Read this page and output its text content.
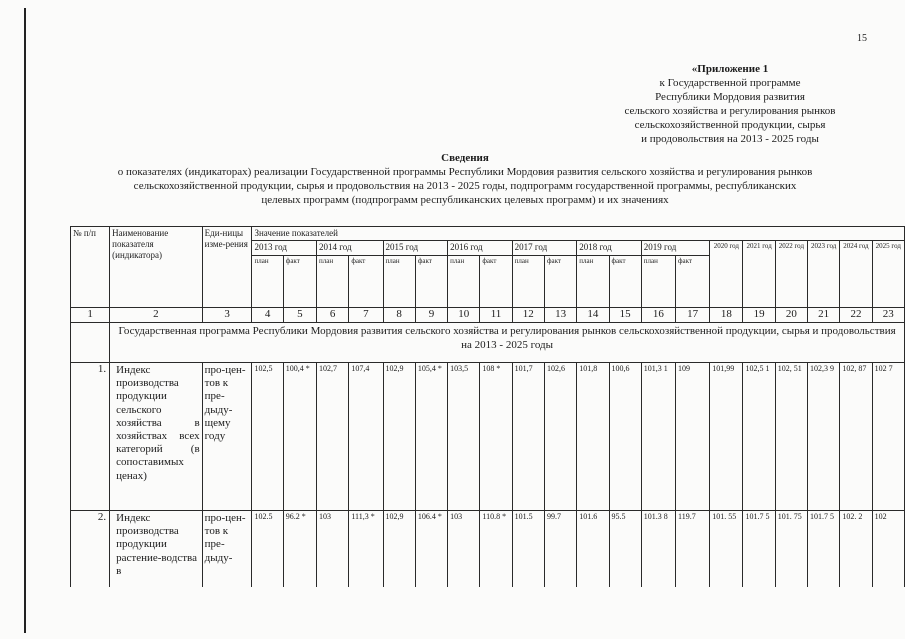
15
«Приложение 1
к Государственной программе
Республики Мордовия развития
сельского хозяйства и регулирования рынков
сельскохозяйственной продукции, сырья
и продовольствия на 2013 - 2025 годы
Сведения
о показателях (индикаторах) реализации Государственной программы Республики Мордовия развития сельского хозяйства и регулирования рынков
сельскохозяйственной продукции, сырья и продовольствия на 2013 - 2025 годы, подпрограмм государственной программы, республиканских
целевых программ (подпрограмм республиканских целевых программ) и их значениях
№ п/п	Наименование показателя (индикатора)	Еди-ницы изме-рения	Значение показателей																			
			2013 год		2014 год		2015 год		2016 год		2017 год		2018 год		2019 год		2020 год	2021 год	2022 год	2023 год	2024 год	2025 год
			план	факт	план	факт	план	факт	план	факт	план	факт	план	факт	план	факт						
1	2	3	4	5	6	7	8	9	10	11	12	13	14	15	16	17	18	19	20	21	22	23
	Государственная программа Республики Мордовия развития сельского хозяйства и регулирования рынков сельскохозяйственной продукции, сырья и продовольствия на 2013 - 2025 годы																					
1.	Индекс производства продукции сельского хозяйства в хозяйствах всех категорий (в сопоставимых ценах)	про-цен-тов к пре-дыду-щему году	102,5	100,4 *	102,7	107,4	102,9	105,4 *	103,5	108 *	101,7	102,6	101,8	100,6	101,3 1	109	101,99	102,5 1	102, 51	102,3 9	102, 87	102 7
2.	Индекс производства продукции растение-водства в	про-цен-тов к пре-дыду-	102.5	96.2 *	103	111,3 *	102,9	106.4 *	103	110.8 *	101.5	99.7	101.6	95.5	101.3 8	119.7	101. 55	101.7 5	101. 75	101.7 5	102. 2	102
